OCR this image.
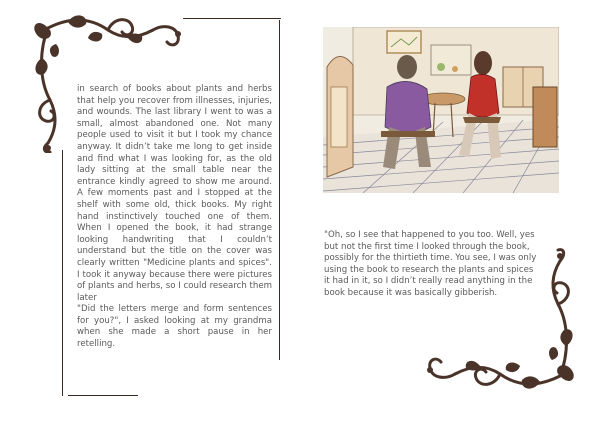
in search of books about plants and herbs that help you recover from illnesses, injuries, and wounds. The last library I went to was a small, almost abandoned one. Not many people used to visit it but I took my chance anyway. It didn’t take me long to get inside and find what I was looking for, as the old lady sitting at the small table near the entrance kindly agreed to show me around. A few moments past and I stopped at the shelf with some old, thick books. My right hand instinctively touched one of them. When I opened the book, it had strange looking handwriting that I couldn’t understand but the title on the cover was clearly written "Medicine plants and spices". I took it anyway because there were pictures of plants and herbs, so I could research them later

"Did the letters merge and form sentences for you?", I asked looking at my grandma when she made a short pause in her retelling.

"Oh, so I see that happened to you too. Well, yes but not the first time I looked through the book, possibly for the thirtieth time. You see, I was only using the book to research the plants and spices it had in it, so I didn’t really read anything in the book because it was basically gibberish.
